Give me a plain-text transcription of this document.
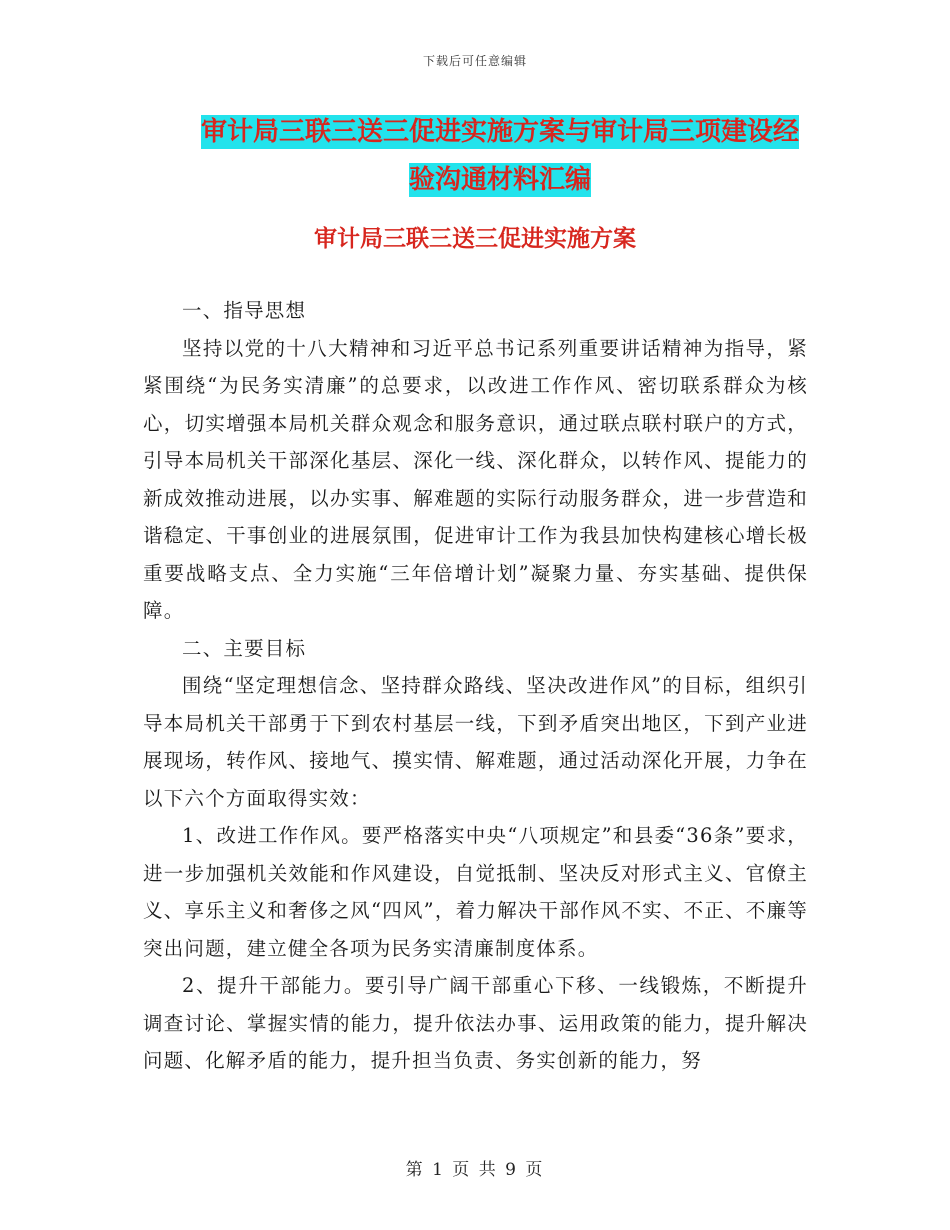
下载后可任意编辑
审计局三联三送三促进实施方案与审计局三项建设经
验沟通材料汇编
审计局三联三送三促进实施方案

一、指导思想

坚持以党的十八大精神和习近平总书记系列重要讲话精神为指导，紧紧围绕“为民务实清廉”的总要求，以改进工作作风、密切联系群众为核心，切实增强本局机关群众观念和服务意识，通过联点联村联户的方式，引导本局机关干部深化基层、深化一线、深化群众，以转作风、提能力的新成效推动进展，以办实事、解难题的实际行动服务群众，进一步营造和谐稳定、干事创业的进展氛围，促进审计工作为我县加快构建核心增长极重要战略支点、全力实施“三年倍增计划”凝聚力量、夯实基础、提供保障。

二、主要目标

围绕“坚定理想信念、坚持群众路线、坚决改进作风”的目标，组织引导本局机关干部勇于下到农村基层一线，下到矛盾突出地区，下到产业进展现场，转作风、接地气、摸实情、解难题，通过活动深化开展，力争在以下六个方面取得实效：

1、改进工作作风。要严格落实中央“八项规定”和县委“36条”要求，进一步加强机关效能和作风建设，自觉抵制、坚决反对形式主义、官僚主义、享乐主义和奢侈之风“四风”，着力解决干部作风不实、不正、不廉等突出问题，建立健全各项为民务实清廉制度体系。

2、提升干部能力。要引导广阔干部重心下移、一线锻炼，不断提升调查讨论、掌握实情的能力，提升依法办事、运用政策的能力，提升解决问题、化解矛盾的能力，提升担当负责、务实创新的能力，努

第 1 页 共 9 页
